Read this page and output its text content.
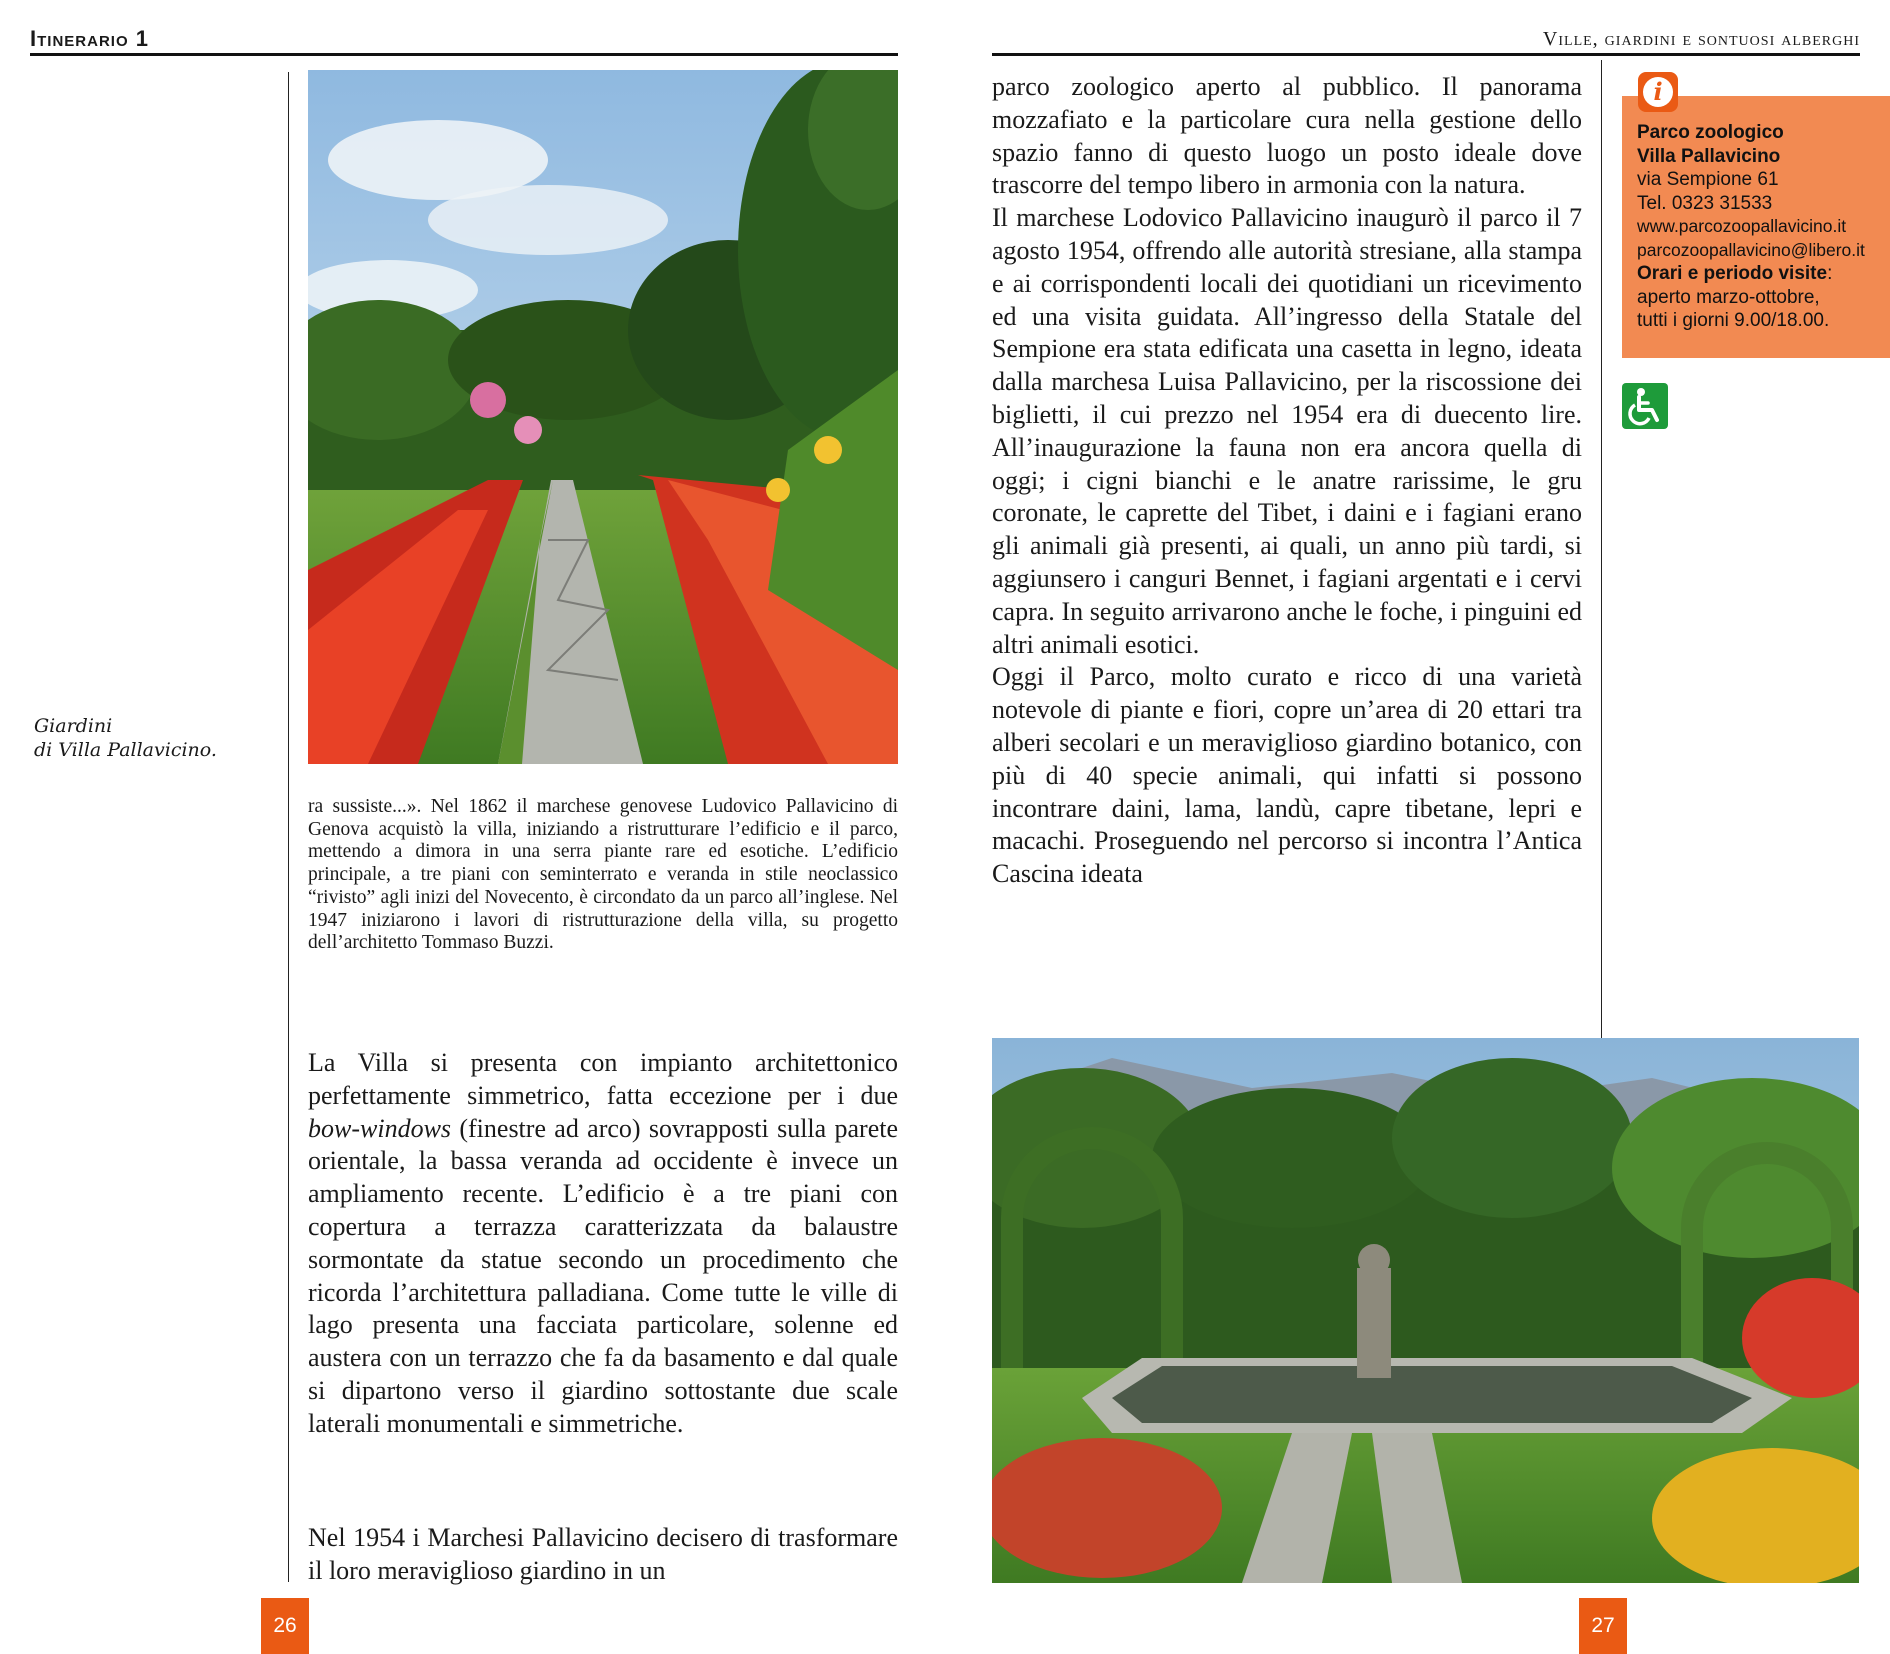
Itinerario 1	Ville, giardini e sontuosi alberghi
Giardini
di Villa Pallavicino.
ra sussiste...». Nel 1862 il marchese genovese Ludovico Pallavicino di Genova acquistò la villa, iniziando a ristrutturare l’edificio e il parco, mettendo a dimora in una serra piante rare ed esotiche. L’edificio principale, a tre piani con seminterrato e veranda in stile neoclassico “rivisto” agli inizi del Novecento, è circondato da un parco all’inglese. Nel 1947 iniziarono i lavori di ristrutturazione della villa, su progetto dell’architetto Tommaso Buzzi.

La Villa si presenta con impianto architettonico perfettamente simmetrico, fatta eccezione per i due bow-windows (finestre ad arco) sovrapposti sulla parete orientale, la bassa veranda ad occidente è invece un ampliamento recente. L’edificio è a tre piani con copertura a terrazza caratterizzata da balaustre sormontate da statue secondo un procedimento che ricorda l’architettura palladiana. Come tutte le ville di lago presenta una facciata particolare, solenne ed austera con un terrazzo che fa da basamento e dal quale si dipartono verso il giardino sottostante due scale laterali monumentali e simmetriche.

Nel 1954 i Marchesi Pallavicino decisero di trasformare il loro meraviglioso giardino in un

parco zoologico aperto al pubblico. Il panorama mozzafiato e la particolare cura nella gestione dello spazio fanno di questo luogo un posto ideale dove trascorre del tempo libero in armonia con la natura.

Il marchese Lodovico Pallavicino inaugurò il parco il 7 agosto 1954, offrendo alle autorità stresiane, alla stampa e ai corrispondenti locali dei quotidiani un ricevimento ed una visita guidata. All’ingresso della Statale del Sempione era stata edificata una casetta in legno, ideata dalla marchesa Luisa Pallavicino, per la riscossione dei biglietti, il cui prezzo nel 1954 era di duecento lire. All’inaugurazione la fauna non era ancora quella di oggi; i cigni bianchi e le anatre rarissime, le gru coronate, le caprette del Tibet, i daini e i fagiani erano gli animali già presenti, ai quali, un anno più tardi, si aggiunsero i canguri Bennet, i fagiani argentati e i cervi capra. In seguito arrivarono anche le foche, i pinguini ed altri animali esotici.

Oggi il Parco, molto curato e ricco di una varietà notevole di piante e fiori, copre un’area di 20 ettari tra alberi secolari e un meraviglioso giardino botanico, con più di 40 specie animali, qui infatti si possono incontrare daini, lama, landù, capre tibetane, lepri e macachi. Proseguendo nel percorso si incontra l’Antica Cascina ideata

Parco zoologico
Villa Pallavicino
via Sempione 61
Tel. 0323 31533
www.parcozoopallavicino.it
parcozoopallavicino@libero.it
Orari e periodo visite:
aperto marzo-ottobre,
tutti i giorni 9.00/18.00.
i
26	27
